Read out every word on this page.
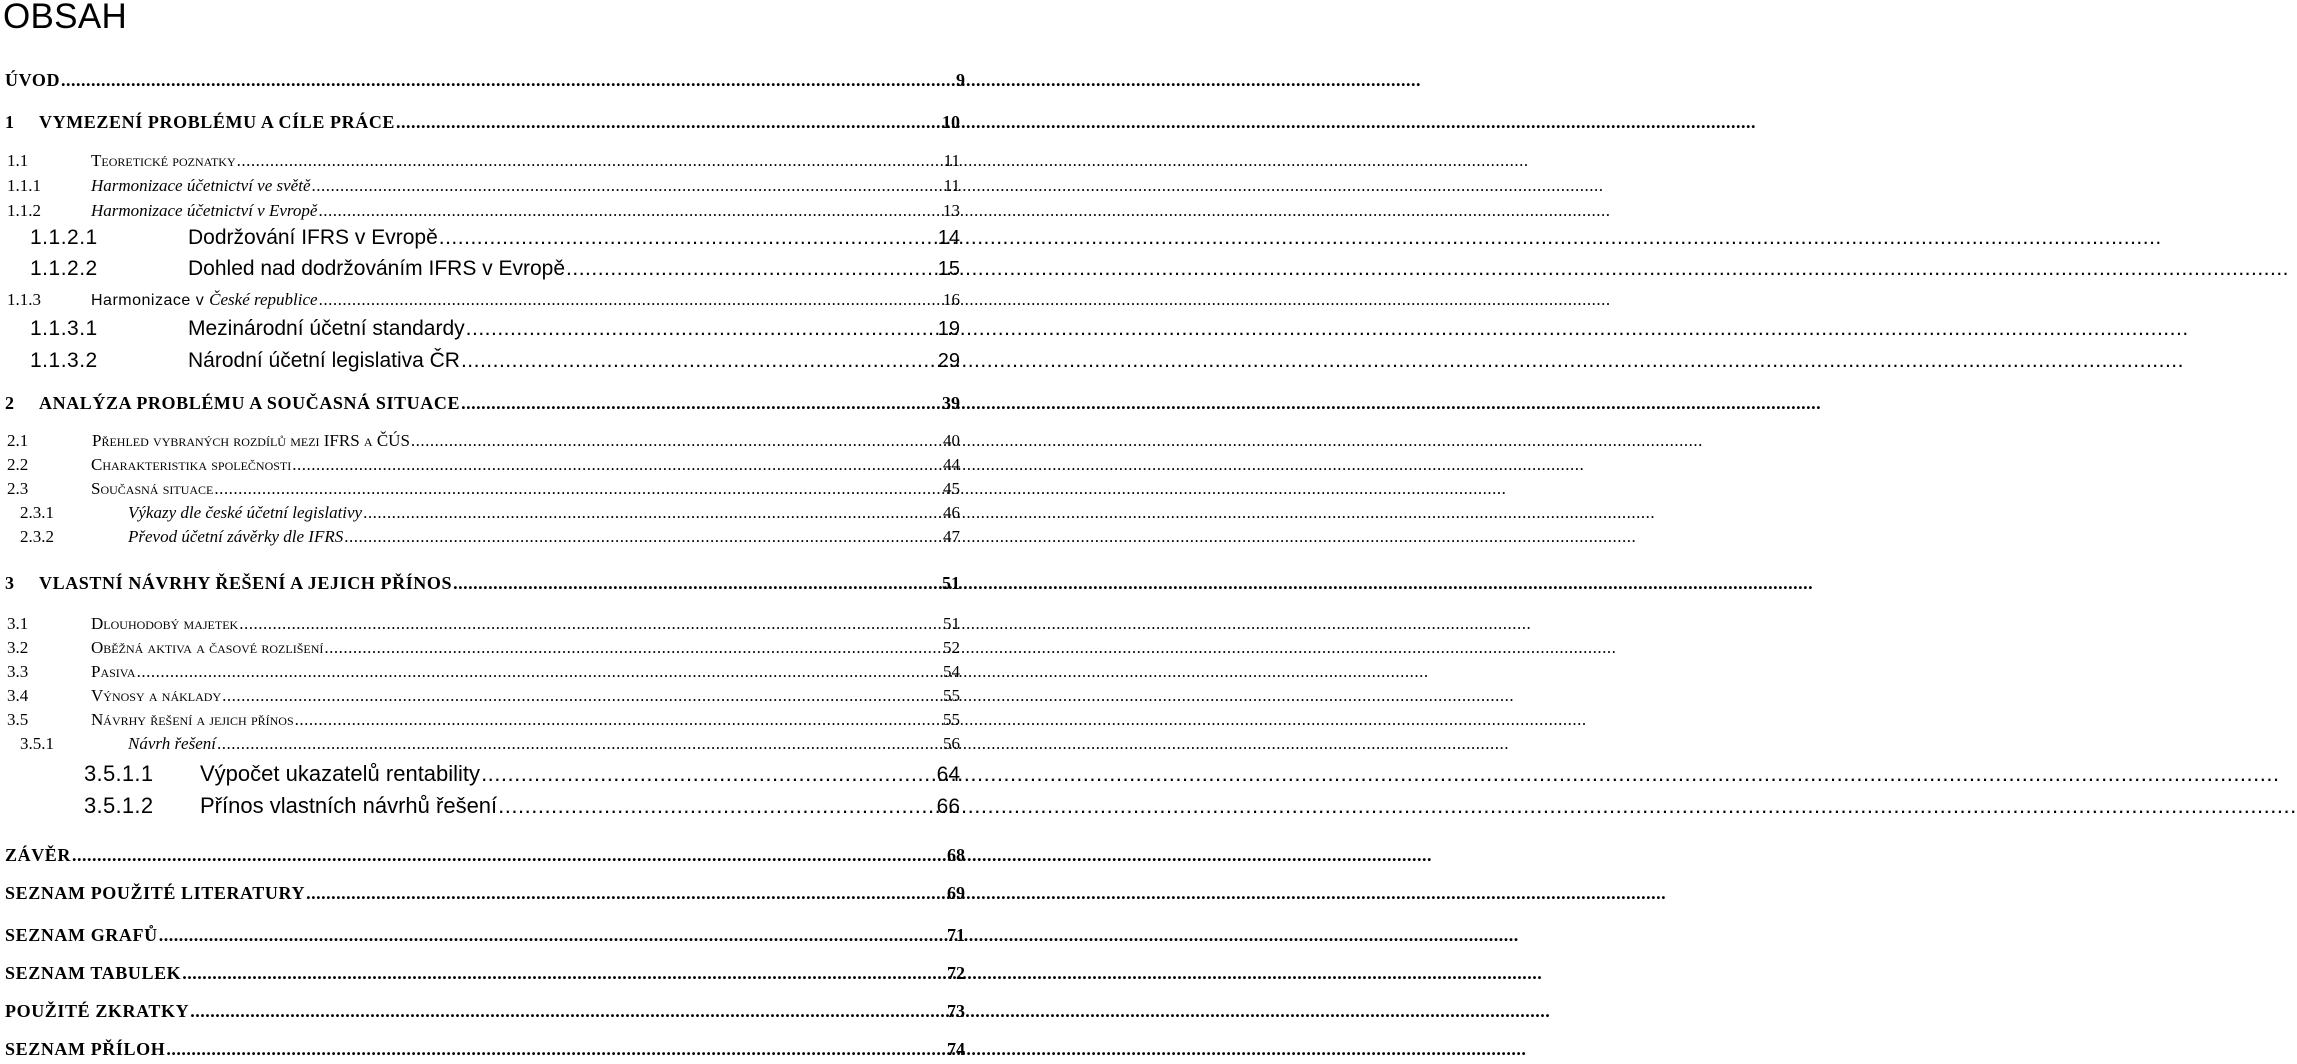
OBSAH
ÚVOD .....	9
1	VYMEZENÍ PROBLÉMU A CÍLE PRÁCE .....	10
1.1	Teoretické poznatky .....	11
1.1.1	Harmonizace účetnictví ve světě .....	11
1.1.2	Harmonizace účetnictví v Evropě .....	13
1.1.2.1	Dodržování IFRS v Evropě .....	14
1.1.2.2	Dohled nad dodržováním IFRS v Evropě .....	15
1.1.3	Harmonizace v České republice .....	16
1.1.3.1	Mezinárodní účetní standardy .....	19
1.1.3.2	Národní účetní legislativa ČR .....	29
2	ANALÝZA PROBLÉMU A SOUČASNÁ SITUACE .....	39
2.1	Přehled vybraných rozdílů mezi IFRS a ČÚS .....	40
2.2	Charakteristika společnosti .....	44
2.3	Současná situace .....	45
2.3.1	Výkazy dle české účetní legislativy .....	46
2.3.2	Převod účetní závěrky dle IFRS .....	47
3	VLASTNÍ NÁVRHY ŘEŠENÍ A JEJICH PŘÍNOS .....	51
3.1	Dlouhodobý majetek .....	51
3.2	Oběžná aktiva a časové rozlišení .....	52
3.3	Pasiva .....	54
3.4	Výnosy a náklady .....	55
3.5	Návrhy řešení a jejich přínos .....	55
3.5.1	Návrh řešení .....	56
3.5.1.1	Výpočet ukazatelů rentability .....	64
3.5.1.2	Přínos vlastních návrhů řešení .....	66
ZÁVĚR .....	68
SEZNAM POUŽITÉ LITERATURY .....	69
SEZNAM GRAFŮ .....	71
SEZNAM TABULEK .....	72
POUŽITÉ ZKRATKY .....	73
SEZNAM PŘÍLOH .....	74
